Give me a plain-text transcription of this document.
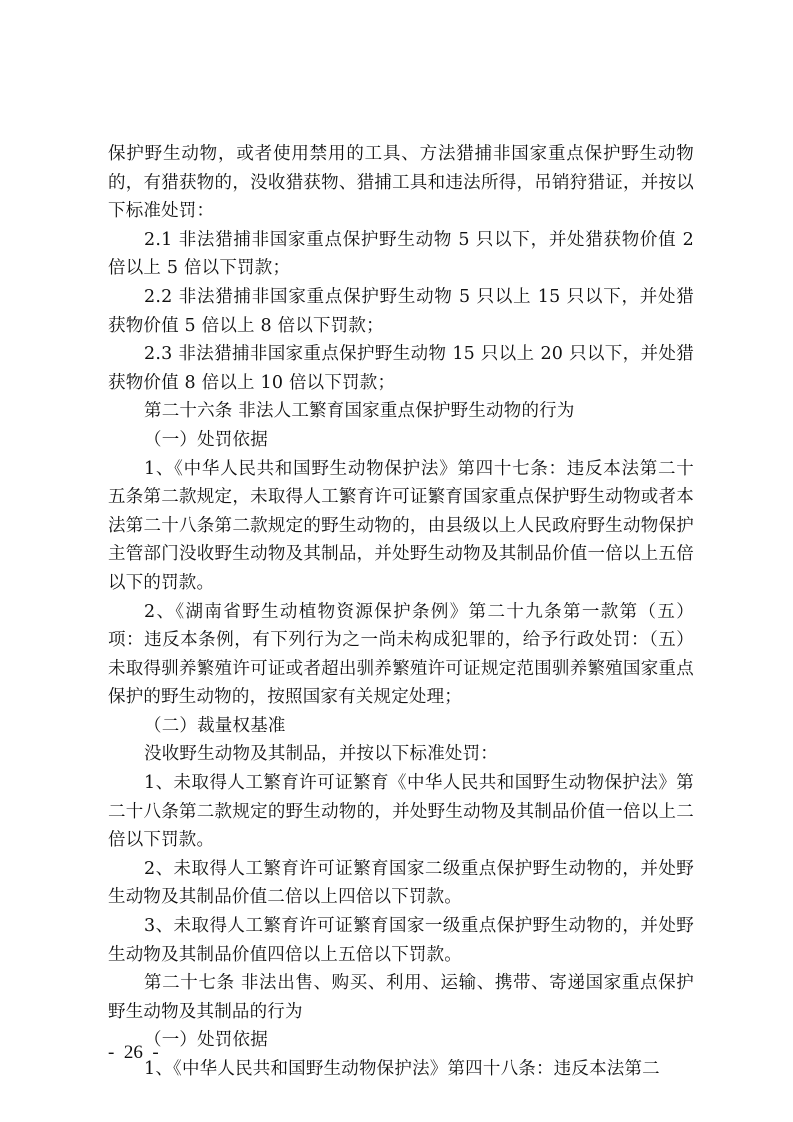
保护野生动物，或者使用禁用的工具、方法猎捕非国家重点保护野生动物的，有猎获物的，没收猎获物、猎捕工具和违法所得，吊销狩猎证，并按以下标准处罚：

2.1 非法猎捕非国家重点保护野生动物 5 只以下，并处猎获物价值 2 倍以上 5 倍以下罚款；

2.2 非法猎捕非国家重点保护野生动物 5 只以上 15 只以下，并处猎获物价值 5 倍以上 8 倍以下罚款；

2.3 非法猎捕非国家重点保护野生动物 15 只以上 20 只以下，并处猎获物价值 8 倍以上 10 倍以下罚款；

第二十六条 非法人工繁育国家重点保护野生动物的行为

（一）处罚依据

1、《中华人民共和国野生动物保护法》第四十七条：违反本法第二十五条第二款规定，未取得人工繁育许可证繁育国家重点保护野生动物或者本法第二十八条第二款规定的野生动物的，由县级以上人民政府野生动物保护主管部门没收野生动物及其制品，并处野生动物及其制品价值一倍以上五倍以下的罚款。

2、《湖南省野生动植物资源保护条例》第二十九条第一款第（五）项：违反本条例，有下列行为之一尚未构成犯罪的，给予行政处罚：（五）未取得驯养繁殖许可证或者超出驯养繁殖许可证规定范围驯养繁殖国家重点保护的野生动物的，按照国家有关规定处理；

（二）裁量权基准

没收野生动物及其制品，并按以下标准处罚：

1、未取得人工繁育许可证繁育《中华人民共和国野生动物保护法》第二十八条第二款规定的野生动物的，并处野生动物及其制品价值一倍以上二倍以下罚款。

2、未取得人工繁育许可证繁育国家二级重点保护野生动物的，并处野生动物及其制品价值二倍以上四倍以下罚款。

3、未取得人工繁育许可证繁育国家一级重点保护野生动物的，并处野生动物及其制品价值四倍以上五倍以下罚款。

第二十七条 非法出售、购买、利用、运输、携带、寄递国家重点保护野生动物及其制品的行为

（一）处罚依据

1、《中华人民共和国野生动物保护法》第四十八条：违反本法第二

-  26  -
